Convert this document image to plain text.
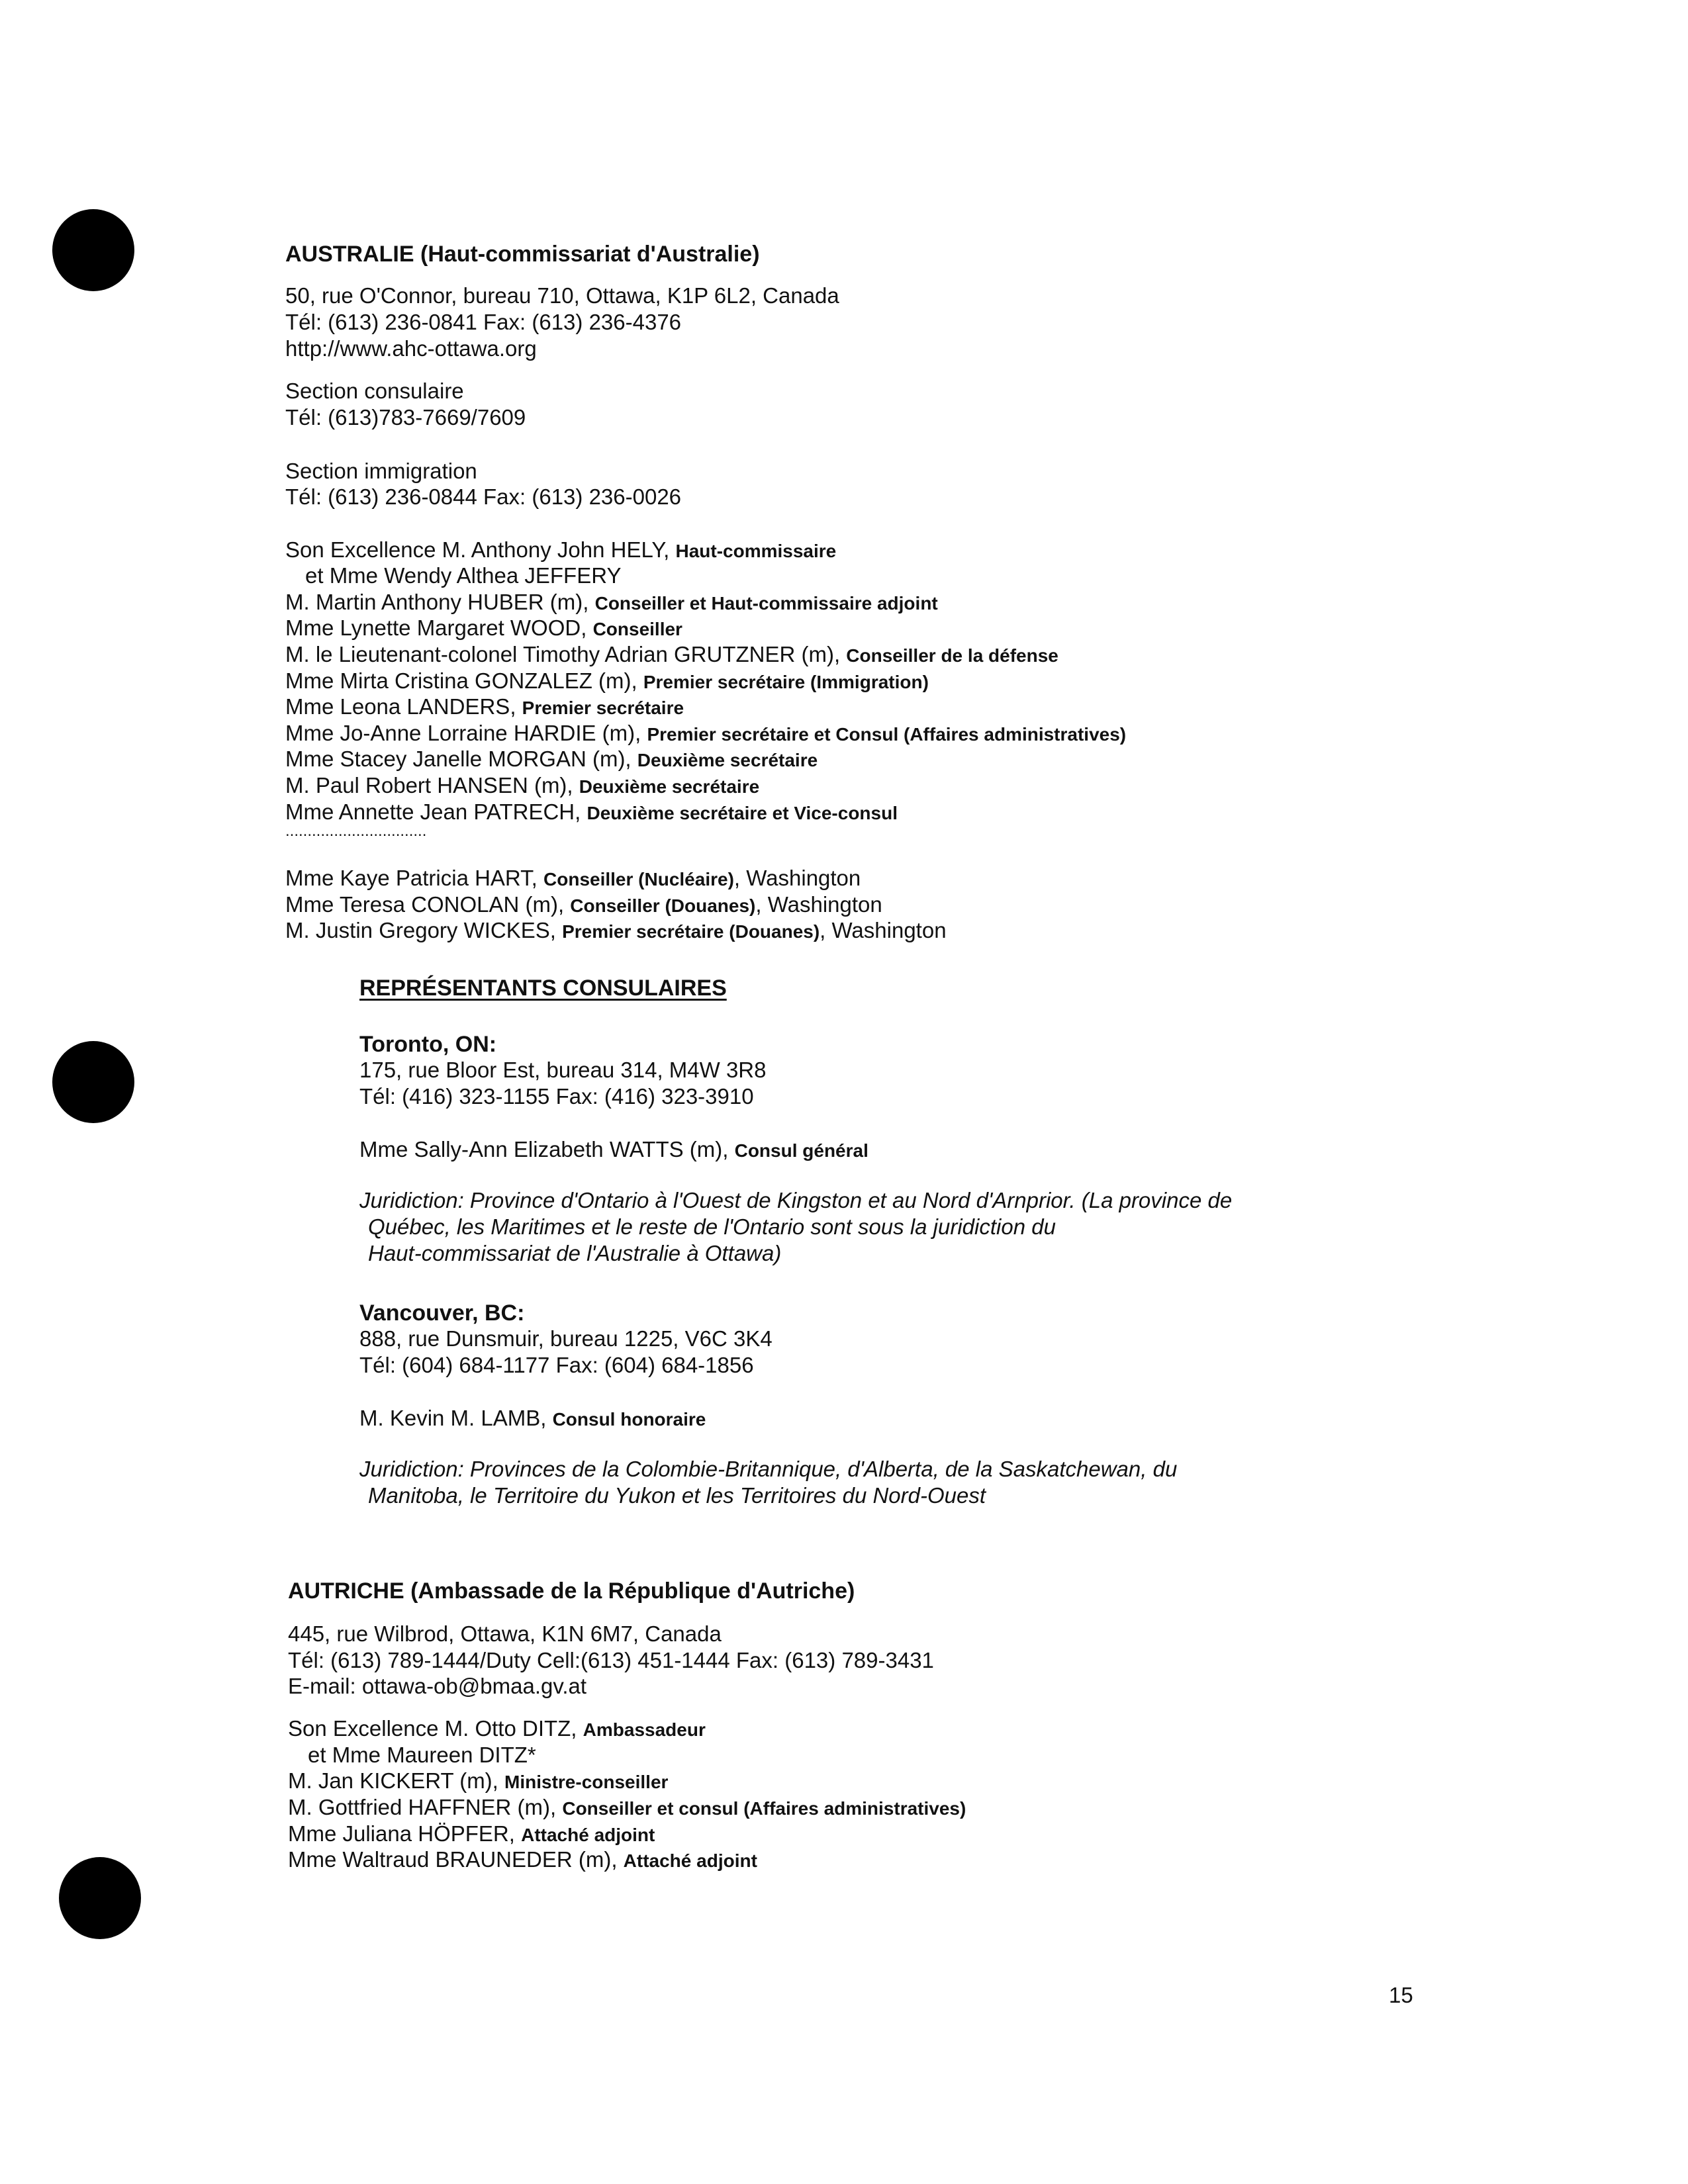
AUSTRALIE (Haut-commissariat d'Australie)
50, rue O'Connor, bureau 710, Ottawa, K1P 6L2, Canada
Tél: (613) 236-0841 Fax: (613) 236-4376
http://www.ahc-ottawa.org
Section consulaire
Tél: (613)783-7669/7609
Section immigration
Tél: (613) 236-0844 Fax: (613) 236-0026
Son Excellence M. Anthony John HELY, Haut-commissaire
et Mme Wendy Althea JEFFERY
M. Martin Anthony HUBER (m), Conseiller et Haut-commissaire adjoint
Mme Lynette Margaret WOOD, Conseiller
M. le Lieutenant-colonel Timothy Adrian GRUTZNER (m), Conseiller de la défense
Mme Mirta Cristina GONZALEZ (m), Premier secrétaire (Immigration)
Mme Leona LANDERS, Premier secrétaire
Mme Jo-Anne Lorraine HARDIE (m), Premier secrétaire et Consul (Affaires administratives)
Mme Stacey Janelle MORGAN (m), Deuxième secrétaire
M. Paul Robert HANSEN (m), Deuxième secrétaire
Mme Annette Jean PATRECH, Deuxième secrétaire et Vice-consul
................................
Mme Kaye Patricia HART, Conseiller (Nucléaire), Washington
Mme Teresa CONOLAN (m), Conseiller (Douanes), Washington
M. Justin Gregory WICKES, Premier secrétaire (Douanes), Washington
REPRÉSENTANTS CONSULAIRES
Toronto, ON:
175, rue Bloor Est, bureau 314, M4W 3R8
Tél: (416) 323-1155 Fax: (416) 323-3910
Mme Sally-Ann Elizabeth WATTS (m), Consul général
Juridiction: Province d'Ontario à l'Ouest de Kingston et au Nord d'Arnprior. (La province de
Québec, les Maritimes et le reste de l'Ontario sont sous la juridiction du
Haut-commissariat de l'Australie à Ottawa)
Vancouver, BC:
888, rue Dunsmuir, bureau 1225, V6C 3K4
Tél: (604) 684-1177 Fax: (604) 684-1856
M. Kevin M. LAMB, Consul honoraire
Juridiction: Provinces de la Colombie-Britannique, d'Alberta, de la Saskatchewan, du
Manitoba, le Territoire du Yukon et les Territoires du Nord-Ouest
AUTRICHE (Ambassade de la République d'Autriche)
445, rue Wilbrod, Ottawa, K1N 6M7, Canada
Tél: (613) 789-1444/Duty Cell:(613) 451-1444 Fax: (613) 789-3431
E-mail: ottawa-ob@bmaa.gv.at
Son Excellence M. Otto DITZ, Ambassadeur
et Mme Maureen DITZ*
M. Jan KICKERT (m), Ministre-conseiller
M. Gottfried HAFFNER (m), Conseiller et consul (Affaires administratives)
Mme Juliana HÖPFER, Attaché adjoint
Mme Waltraud BRAUNEDER (m), Attaché adjoint
15
